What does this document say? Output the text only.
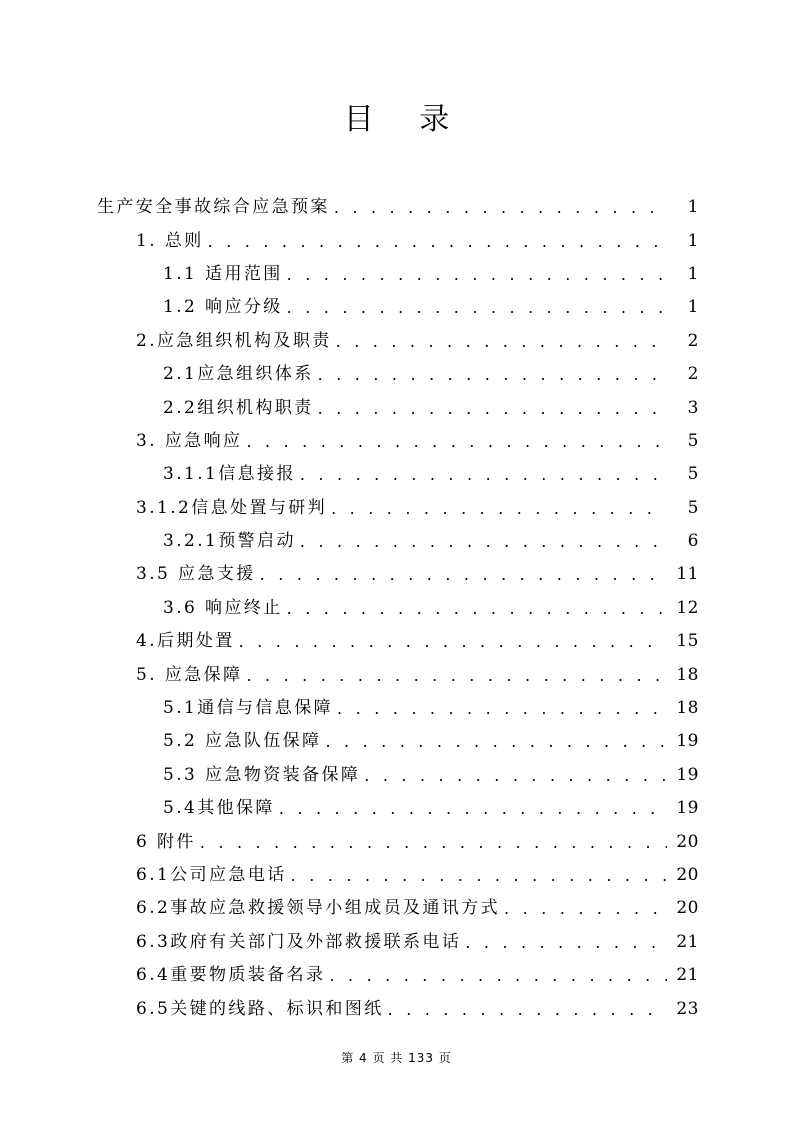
目 录
生产安全事故综合应急预案 . . .	1
1. 总则 . . .	1
1.1 适用范围 . . .	1
1.2 响应分级 . . .	1
2.应急组织机构及职责 . . .	2
2.1应急组织体系 . . .	2
2.2组织机构职责 . . .	3
3. 应急响应 . . .	5
3.1.1信息接报 . . .	5
3.1.2信息处置与研判 . . .	5
3.2.1预警启动 . . .	6
3.5 应急支援 . . .	11
3.6 响应终止 . . .	12
4.后期处置 . . .	15
5. 应急保障 . . .	18
5.1通信与信息保障 . . .	18
5.2 应急队伍保障 . . .	19
5.3 应急物资装备保障 . . .	19
5.4其他保障 . . .	19
6 附件 . . .	20
6.1公司应急电话 . . .	20
6.2事故应急救援领导小组成员及通讯方式 . . .	20
6.3政府有关部门及外部救援联系电话 . . .	21
6.4重要物质装备名录 . . .	21
6.5关键的线路、标识和图纸 . . .	23
第 4 页 共 133 页
